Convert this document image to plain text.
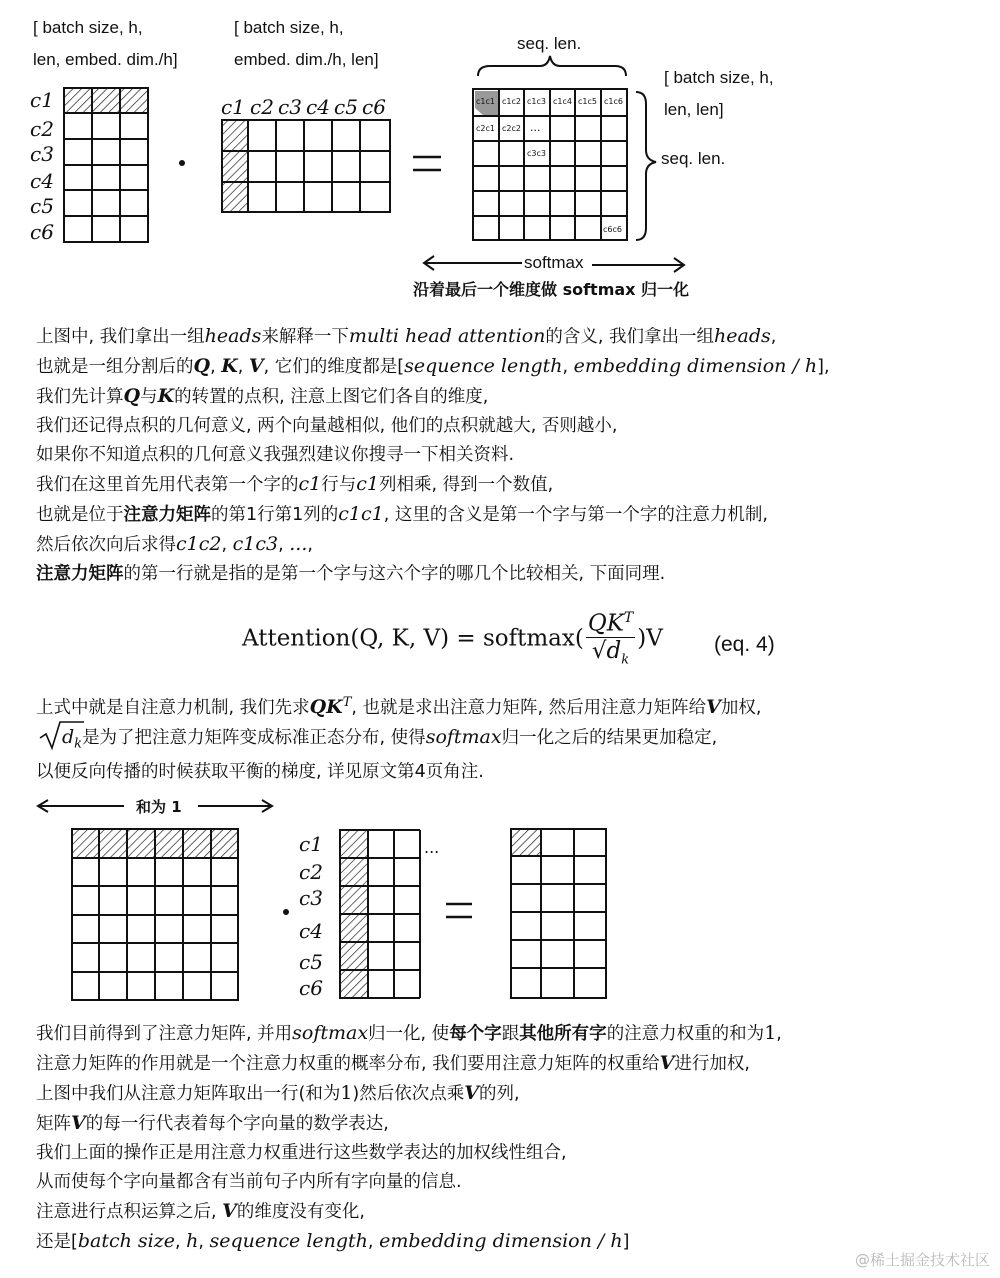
[ batch size, h,
len, embed. dim./h]
[ batch size, h,
embed. dim./h, len]
seq. len.
[ batch size, h,
len, len]
seq. len.
softmax
沿着最后一个维度做 softmax 归一化
c1
c2
c3
c4
c5
c6
c1 c2 c3 c4 c5 c6	c1c1 c1c2 c1c3 c1c4 c1c5 c1c6
c2c1 c2c2 ...
c3c3
c6c6
上图中, 我们拿出一组heads来解释一下multi head attention的含义, 我们拿出一组heads,
也就是一组分割后的Q, K, V, 它们的维度都是[sequence length, embedding dimension / h],
我们先计算Q与K的转置的点积, 注意上图它们各自的维度,
我们还记得点积的几何意义, 两个向量越相似, 他们的点积就越大, 否则越小,
如果你不知道点积的几何意义我强烈建议你搜寻一下相关资料.
我们在这里首先用代表第一个字的c1行与c1列相乘, 得到一个数值,
也就是位于注意力矩阵的第1行第1列的c1c1, 这里的含义是第一个字与第一个字的注意力机制,
然后依次向后求得c1c2, c1c3, ...,
注意力矩阵的第一行就是指的是第一个字与这六个字的哪几个比较相关, 下面同理.
Attention(Q, K, V) = softmax(
$QK^T$
$√d_k$
)V (eq. 4)
上式中就是自注意力机制, 我们先求$QK^T$, 也就是求出注意力矩阵, 然后用注意力矩阵给V加权,
$d_k$是为了把注意力矩阵变成标准正态分布, 使得softmax归一化之后的结果更加稳定,
以便反向传播的时候获取平衡的梯度, 详见原文第4页角注.
和为 1
c1
c2
c3
c4
c5
c6
...
我们目前得到了注意力矩阵, 并用softmax归一化, 使每个字跟其他所有字的注意力权重的和为1,
注意力矩阵的作用就是一个注意力权重的概率分布, 我们要用注意力矩阵的权重给V进行加权,
上图中我们从注意力矩阵取出一行(和为1)然后依次点乘V的列,
矩阵V的每一行代表着每个字向量的数学表达,
我们上面的操作正是用注意力权重进行这些数学表达的加权线性组合,
从而使每个字向量都含有当前句子内所有字向量的信息.
注意进行点积运算之后, V的维度没有变化,
还是[batch size, h, sequence length, embedding dimension / h]
@稀土掘金技术社区
